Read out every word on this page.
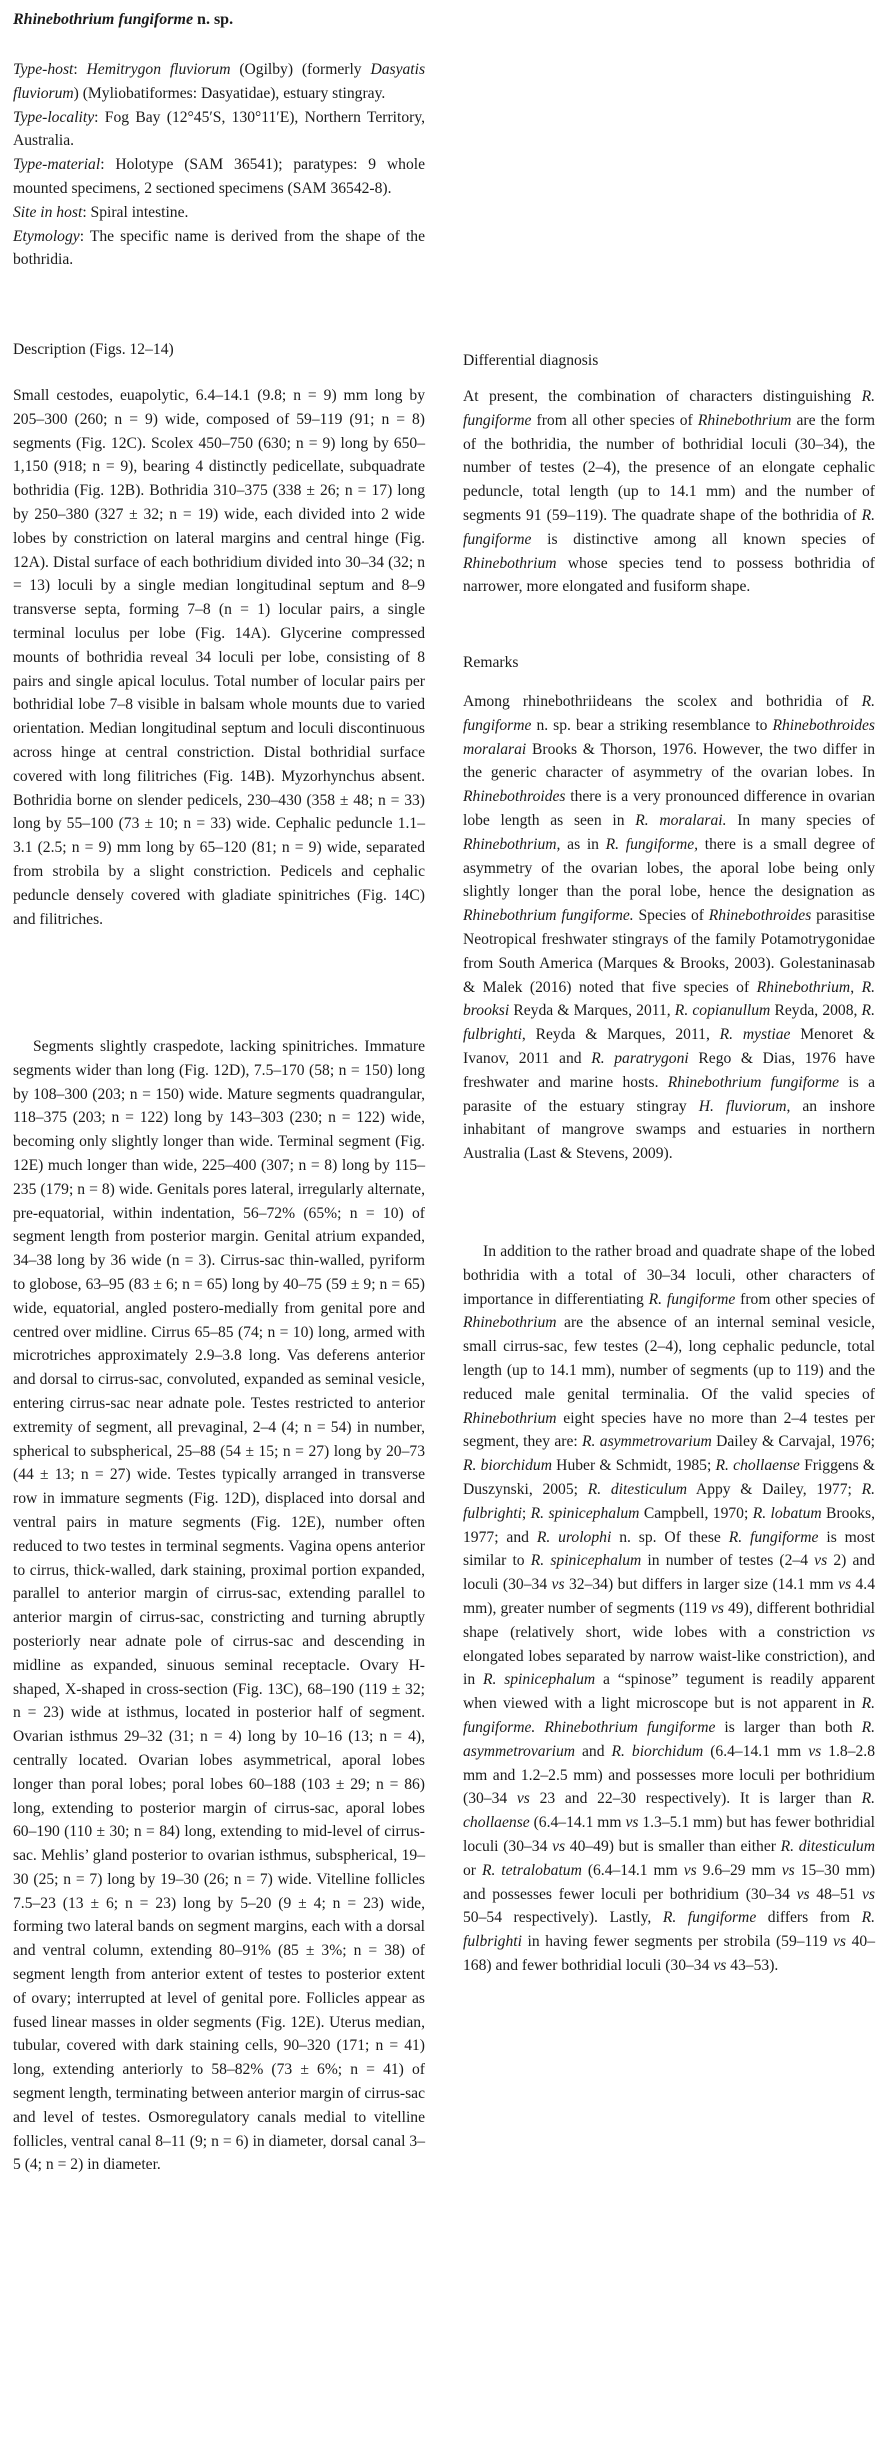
Rhinebothrium fungiforme n. sp.

Type-host: Hemitrygon fluviorum (Ogilby) (formerly Dasyatis fluviorum) (Myliobatiformes: Dasyatidae), estuary stingray.

Type-locality: Fog Bay (12°45′S, 130°11′E), Northern Territory, Australia.

Type-material: Holotype (SAM 36541); paratypes: 9 whole mounted specimens, 2 sectioned specimens (SAM 36542-8).

Site in host: Spiral intestine.

Etymology: The specific name is derived from the shape of the bothridia.

Description (Figs. 12–14)

Small cestodes, euapolytic, 6.4–14.1 (9.8; n = 9) mm long by 205–300 (260; n = 9) wide, composed of 59–119 (91; n = 8) segments (Fig. 12C). Scolex 450–750 (630; n = 9) long by 650–1,150 (918; n = 9), bearing 4 distinctly pedicellate, subquadrate bothridia (Fig. 12B). Bothridia 310–375 (338 ± 26; n = 17) long by 250–380 (327 ± 32; n = 19) wide, each divided into 2 wide lobes by constriction on lateral margins and central hinge (Fig. 12A). Distal surface of each bothridium divided into 30–34 (32; n = 13) loculi by a single median longitudinal septum and 8–9 transverse septa, forming 7–8 (n = 1) locular pairs, a single terminal loculus per lobe (Fig. 14A). Glycerine compressed mounts of bothridia reveal 34 loculi per lobe, consisting of 8 pairs and single apical loculus. Total number of locular pairs per bothridial lobe 7–8 visible in balsam whole mounts due to varied orientation. Median longitudinal septum and loculi discontinuous across hinge at central constriction. Distal bothridial surface covered with long filitriches (Fig. 14B). Myzorhynchus absent. Bothridia borne on slender pedicels, 230–430 (358 ± 48; n = 33) long by 55–100 (73 ± 10; n = 33) wide. Cephalic peduncle 1.1–3.1 (2.5; n = 9) mm long by 65–120 (81; n = 9) wide, separated from strobila by a slight constriction. Pedicels and cephalic peduncle densely covered with gladiate spinitriches (Fig. 14C) and filitriches.

Segments slightly craspedote, lacking spinitriches. Immature segments wider than long (Fig. 12D), 7.5–170 (58; n = 150) long by 108–300 (203; n = 150) wide. Mature segments quadrangular, 118–375 (203; n = 122) long by 143–303 (230; n = 122) wide, becoming only slightly longer than wide. Terminal segment (Fig. 12E) much longer than wide, 225–400 (307; n = 8) long by 115–235 (179; n = 8) wide. Genitals pores lateral, irregularly alternate, pre-equatorial, within indentation, 56–72% (65%; n = 10) of segment length from posterior margin. Genital atrium expanded, 34–38 long by 36 wide (n = 3). Cirrus-sac thin-walled, pyriform to globose, 63–95 (83 ± 6; n = 65) long by 40–75 (59 ± 9; n = 65) wide, equatorial, angled postero-medially from genital pore and centred over midline. Cirrus 65–85 (74; n = 10) long, armed with microtriches approximately 2.9–3.8 long. Vas deferens anterior and dorsal to cirrus-sac, convoluted, expanded as seminal vesicle, entering cirrus-sac near adnate pole. Testes restricted to anterior extremity of segment, all prevaginal, 2–4 (4; n = 54) in number, spherical to subspherical, 25–88 (54 ± 15; n = 27) long by 20–73 (44 ± 13; n = 27) wide. Testes typically arranged in transverse row in immature segments (Fig. 12D), displaced into dorsal and ventral pairs in mature segments (Fig. 12E), number often reduced to two testes in terminal segments. Vagina opens anterior to cirrus, thick-walled, dark staining, proximal portion expanded, parallel to anterior margin of cirrus-sac, extending parallel to anterior margin of cirrus-sac, constricting and turning abruptly posteriorly near adnate pole of cirrus-sac and descending in midline as expanded, sinuous seminal receptacle. Ovary H-shaped, X-shaped in cross-section (Fig. 13C), 68–190 (119 ± 32; n = 23) wide at isthmus, located in posterior half of segment. Ovarian isthmus 29–32 (31; n = 4) long by 10–16 (13; n = 4), centrally located. Ovarian lobes asymmetrical, aporal lobes longer than poral lobes; poral lobes 60–188 (103 ± 29; n = 86) long, extending to posterior margin of cirrus-sac, aporal lobes 60–190 (110 ± 30; n = 84) long, extending to mid-level of cirrus-sac. Mehlis’ gland posterior to ovarian isthmus, subspherical, 19–30 (25; n = 7) long by 19–30 (26; n = 7) wide. Vitelline follicles 7.5–23 (13 ± 6; n = 23) long by 5–20 (9 ± 4; n = 23) wide, forming two lateral bands on segment margins, each with a dorsal and ventral column, extending 80–91% (85 ± 3%; n = 38) of segment length from anterior extent of testes to posterior extent of ovary; interrupted at level of genital pore. Follicles appear as fused linear masses in older segments (Fig. 12E). Uterus median, tubular, covered with dark staining cells, 90–320 (171; n = 41) long, extending anteriorly to 58–82% (73 ± 6%; n = 41) of segment length, terminating between anterior margin of cirrus-sac and level of testes. Osmoregulatory canals medial to vitelline follicles, ventral canal 8–11 (9; n = 6) in diameter, dorsal canal 3–5 (4; n = 2) in diameter.

Differential diagnosis

At present, the combination of characters distinguishing R. fungiforme from all other species of Rhinebothrium are the form of the bothridia, the number of bothridial loculi (30–34), the number of testes (2–4), the presence of an elongate cephalic peduncle, total length (up to 14.1 mm) and the number of segments 91 (59–119). The quadrate shape of the bothridia of R. fungiforme is distinctive among all known species of Rhinebothrium whose species tend to possess bothridia of narrower, more elongated and fusiform shape.

Remarks

Among rhinebothriideans the scolex and bothridia of R. fungiforme n. sp. bear a striking resemblance to Rhinebothroides moralarai Brooks & Thorson, 1976. However, the two differ in the generic character of asymmetry of the ovarian lobes. In Rhinebothroides there is a very pronounced difference in ovarian lobe length as seen in R. moralarai. In many species of Rhinebothrium, as in R. fungiforme, there is a small degree of asymmetry of the ovarian lobes, the aporal lobe being only slightly longer than the poral lobe, hence the designation as Rhinebothrium fungiforme. Species of Rhinebothroides parasitise Neotropical freshwater stingrays of the family Potamotrygonidae from South America (Marques & Brooks, 2003). Golestaninasab & Malek (2016) noted that five species of Rhinebothrium, R. brooksi Reyda & Marques, 2011, R. copianullum Reyda, 2008, R. fulbrighti, Reyda & Marques, 2011, R. mystiae Menoret & Ivanov, 2011 and R. paratrygoni Rego & Dias, 1976 have freshwater and marine hosts. Rhinebothrium fungiforme is a parasite of the estuary stingray H. fluviorum, an inshore inhabitant of mangrove swamps and estuaries in northern Australia (Last & Stevens, 2009).

In addition to the rather broad and quadrate shape of the lobed bothridia with a total of 30–34 loculi, other characters of importance in differentiating R. fungiforme from other species of Rhinebothrium are the absence of an internal seminal vesicle, small cirrus-sac, few testes (2–4), long cephalic peduncle, total length (up to 14.1 mm), number of segments (up to 119) and the reduced male genital terminalia. Of the valid species of Rhinebothrium eight species have no more than 2–4 testes per segment, they are: R. asymmetrovarium Dailey & Carvajal, 1976; R. biorchidum Huber & Schmidt, 1985; R. chollaense Friggens & Duszynski, 2005; R. ditesticulum Appy & Dailey, 1977; R. fulbrighti; R. spinicephalum Campbell, 1970; R. lobatum Brooks, 1977; and R. urolophi n. sp. Of these R. fungiforme is most similar to R. spinicephalum in number of testes (2–4 vs 2) and loculi (30–34 vs 32–34) but differs in larger size (14.1 mm vs 4.4 mm), greater number of segments (119 vs 49), different bothridial shape (relatively short, wide lobes with a constriction vs elongated lobes separated by narrow waist-like constriction), and in R. spinicephalum a “spinose” tegument is readily apparent when viewed with a light microscope but is not apparent in R. fungiforme. Rhinebothrium fungiforme is larger than both R. asymmetrovarium and R. biorchidum (6.4–14.1 mm vs 1.8–2.8 mm and 1.2–2.5 mm) and possesses more loculi per bothridium (30–34 vs 23 and 22–30 respectively). It is larger than R. chollaense (6.4–14.1 mm vs 1.3–5.1 mm) but has fewer bothridial loculi (30–34 vs 40–49) but is smaller than either R. ditesticulum or R. tetralobatum (6.4–14.1 mm vs 9.6–29 mm vs 15–30 mm) and possesses fewer loculi per bothridium (30–34 vs 48–51 vs 50–54 respectively). Lastly, R. fungiforme differs from R. fulbrighti in having fewer segments per strobila (59–119 vs 40–168) and fewer bothridial loculi (30–34 vs 43–53).
